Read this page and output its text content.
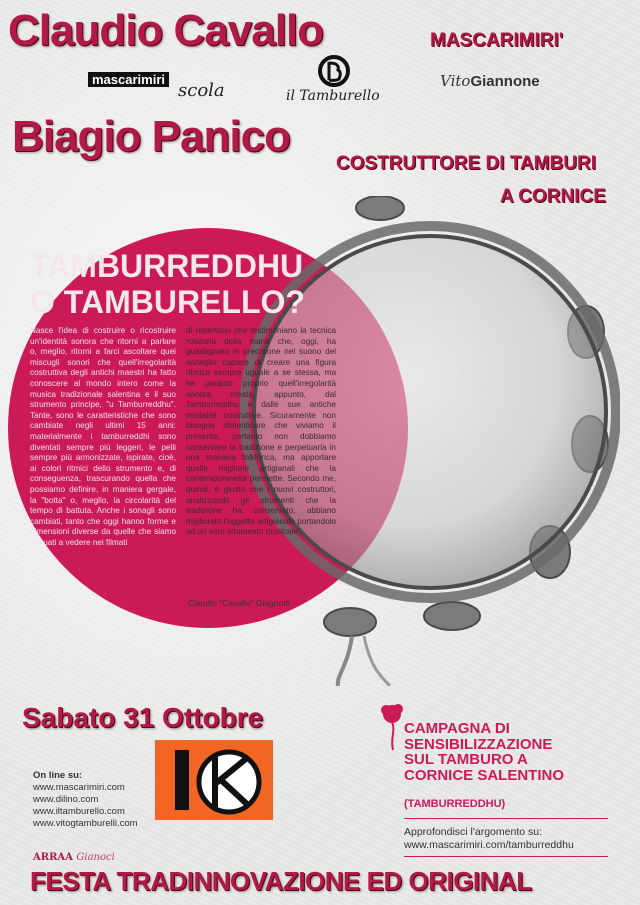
Claudio Cavallo
Biagio Panico
MASCARIMIRI'
COSTRUTTORE DI TAMBURI
A CORNICE
mascarimiri
scola	il Tamburello
VitoGiannone
TAMBURREDDHU
O TAMBURELLO?
Nasce l'idea di costruire o ricostruire un'identità sonora che ritorni a parlare o, meglio, ritorni a farci ascoltare quei miscugli sonori che quell'irregolarità costruttiva degli antichi maestri ha fatto conoscere al mondo intero come la musica tradizionale salentina e il suo strumento principe, "u Tamburreddhu". Tante, sono le caratteristiche che sono cambiate negli ultimi 15 anni: materialmente i tamburreddhi sono diventati sempre più leggeri, le pelli sempre più armonizzate, ispirate, cioè, ai colori ritmici dello strumento e, di conseguenza, trascurando quella che possiamo definire, in maniera gergale, la "botta" o, meglio, la circolarità del tempo di battuta. Anche i sonagli sono cambiati, tanto che oggi hanno forme e dimensioni diverse da quelle che siamo abituati a vedere nei filmati
di repertorio che testimoniano la tecnica rotatoria della mano che, oggi, ha guadagnato in precisione nel suono del sonaglio capace di creare una figura ritmica sempre uguale a se stessa, ma ha perduto proprio quell'irregolarità sonora creata, appunto, dal Tamburreddhu e dalle sue antiche modalità costruttive. Sicuramente non bisogna dimenticare che viviamo il presente, pertanto non dobbiamo conservare la tradizione e perpetuarla in una maniera folklorica, ma apportare quelle migliorie artigianali che la contemporaneità permette. Secondo me, quindi, è giusto che i nuovi costruttori, analizzando gli strumenti che la tradizione ha conservato, abbiano migliorato l'oggetto artigianale portandolo ad un vero strumento musicale.
Claudio "Cavallo" Giagnotti
Sabato 31 Ottobre
On line su:
www.mascarimiri.com
www.dilino.com
www.iltamburello.com
www.vitogtamburelli.com
ARRAA Gianoci
CAMPAGNA DI
SENSIBILIZZAZIONE
SUL TAMBURO A
CORNICE SALENTINO
(TAMBURREDDHU)
Approfondisci l'argomento su:
www.mascarimiri.com/tamburreddhu
FESTA TRADINNOVAZIONE ED ORIGINAL
